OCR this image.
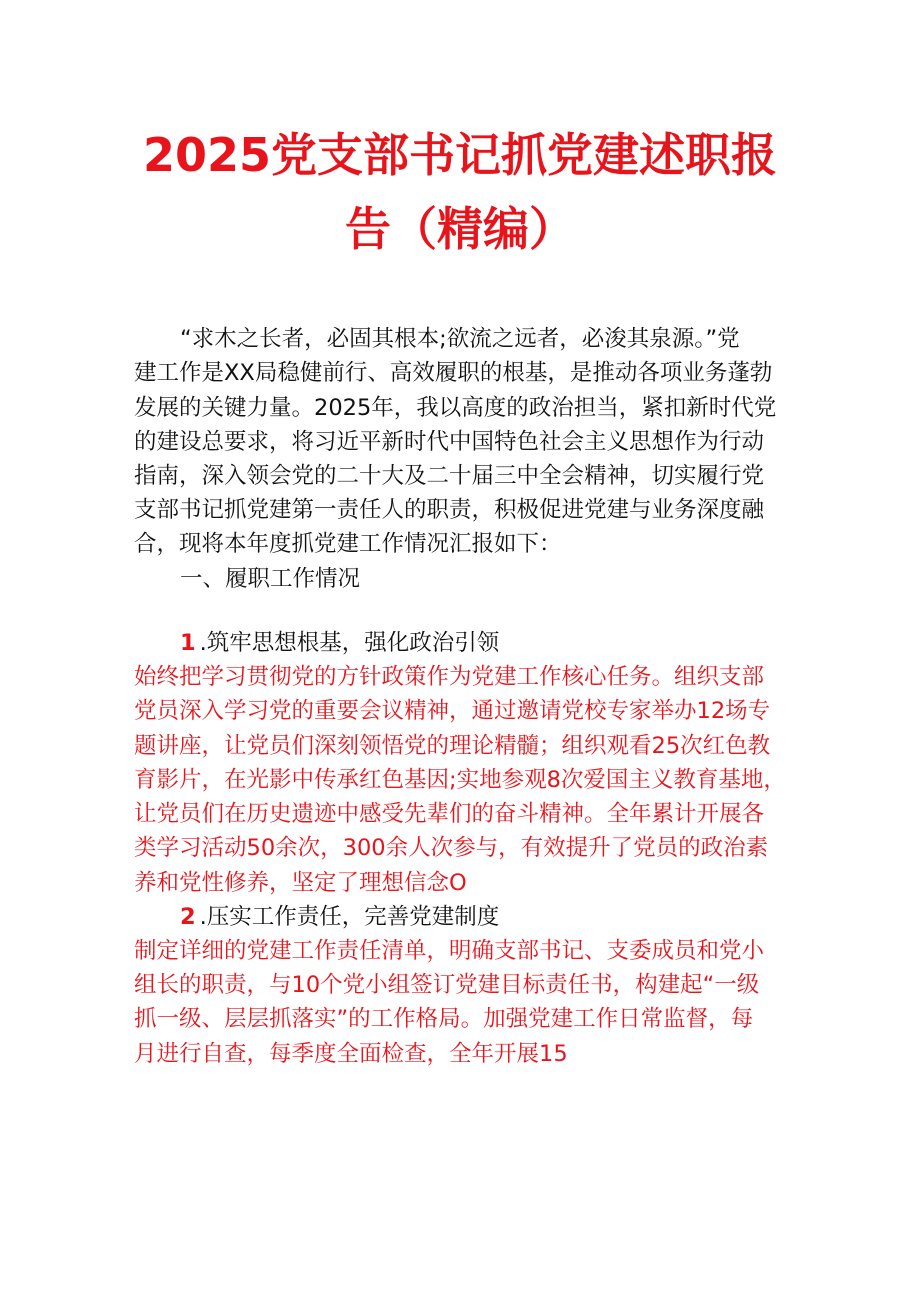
2025党支部书记抓党建述职报
告（精编）

“求木之长者，必固其根本;欲流之远者，必浚其泉源。”党

建工作是XX局稳健前行、高效履职的根基，是推动各项业务蓬勃

发展的关键力量。2025年，我以高度的政治担当，紧扣新时代党

的建设总要求，将习近平新时代中国特色社会主义思想作为行动

指南，深入领会党的二十大及二十届三中全会精神，切实履行党

支部书记抓党建第一责任人的职责，积极促进党建与业务深度融

合，现将本年度抓党建工作情况汇报如下：

一、履职工作情况

1 .筑牢思想根基，强化政治引领

始终把学习贯彻党的方针政策作为党建工作核心任务。组织支部

党员深入学习党的重要会议精神，通过邀请党校专家举办12场专

题讲座，让党员们深刻领悟党的理论精髓；组织观看25次红色教

育影片，在光影中传承红色基因;实地参观8次爱国主义教育基地，

让党员们在历史遗迹中感受先辈们的奋斗精神。全年累计开展各

类学习活动50余次，300余人次参与，有效提升了党员的政治素

养和党性修养，坚定了理想信念O

2 .压实工作责任，完善党建制度

制定详细的党建工作责任清单，明确支部书记、支委成员和党小

组长的职责，与10个党小组签订党建目标责任书，构建起“一级

抓一级、层层抓落实”的工作格局。加强党建工作日常监督，每

月进行自查，每季度全面检查，全年开展15
